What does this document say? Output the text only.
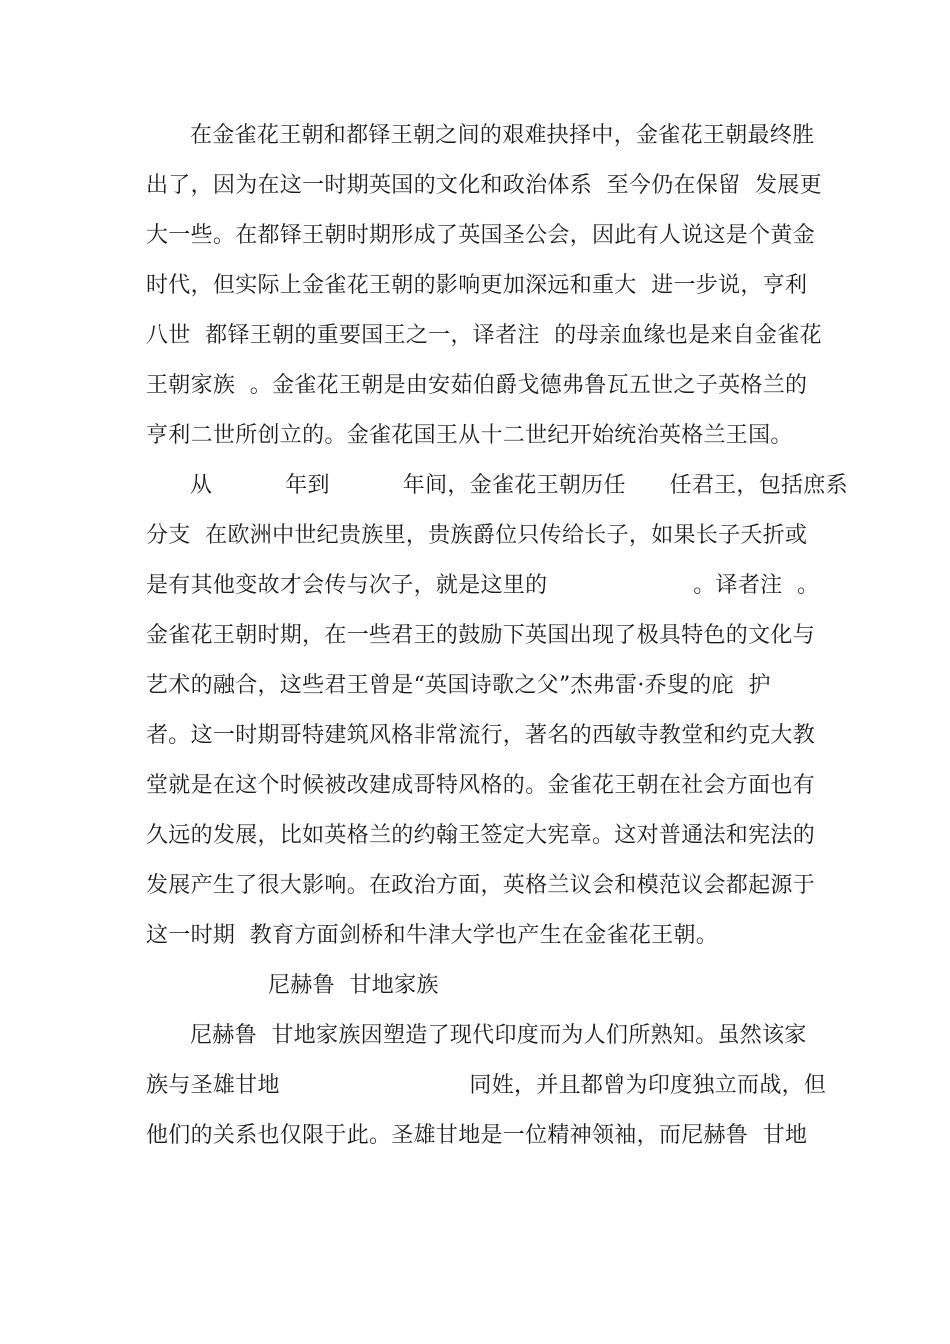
在金雀花王朝和都铎王朝之间的艰难抉择中，金雀花王朝最终胜
出了，因为在这一时期英国的文化和政治体系  至今仍在保留  发展更
大一些。在都铎王朝时期形成了英国圣公会，因此有人说这是个黄金
时代，但实际上金雀花王朝的影响更加深远和重大  进一步说，亨利
八世  都铎王朝的重要国王之一，译者注  的母亲血缘也是来自金雀花
王朝家族  。金雀花王朝是由安茹伯爵戈德弗鲁瓦五世之子英格兰的
亨利二世所创立的。金雀花国王从十二世纪开始统治英格兰王国。
从          年到          年间，金雀花王朝历任      任君王，包括庶系
分支  在欧洲中世纪贵族里，贵族爵位只传给长子，如果长子夭折或
是有其他变故才会传与次子，就是这里的                    。译者注  。
金雀花王朝时期，在一些君王的鼓励下英国出现了极具特色的文化与
艺术的融合，这些君王曾是“英国诗歌之父”杰弗雷·乔叟的庇  护
者。这一时期哥特建筑风格非常流行，著名的西敏寺教堂和约克大教
堂就是在这个时候被改建成哥特风格的。金雀花王朝在社会方面也有
久远的发展，比如英格兰的约翰王签定大宪章。这对普通法和宪法的
发展产生了很大影响。在政治方面，英格兰议会和模范议会都起源于
这一时期  教育方面剑桥和牛津大学也产生在金雀花王朝。
尼赫鲁  甘地家族
尼赫鲁  甘地家族因塑造了现代印度而为人们所熟知。虽然该家
族与圣雄甘地                          同姓，并且都曾为印度独立而战，但
他们的关系也仅限于此。圣雄甘地是一位精神领袖，而尼赫鲁  甘地
